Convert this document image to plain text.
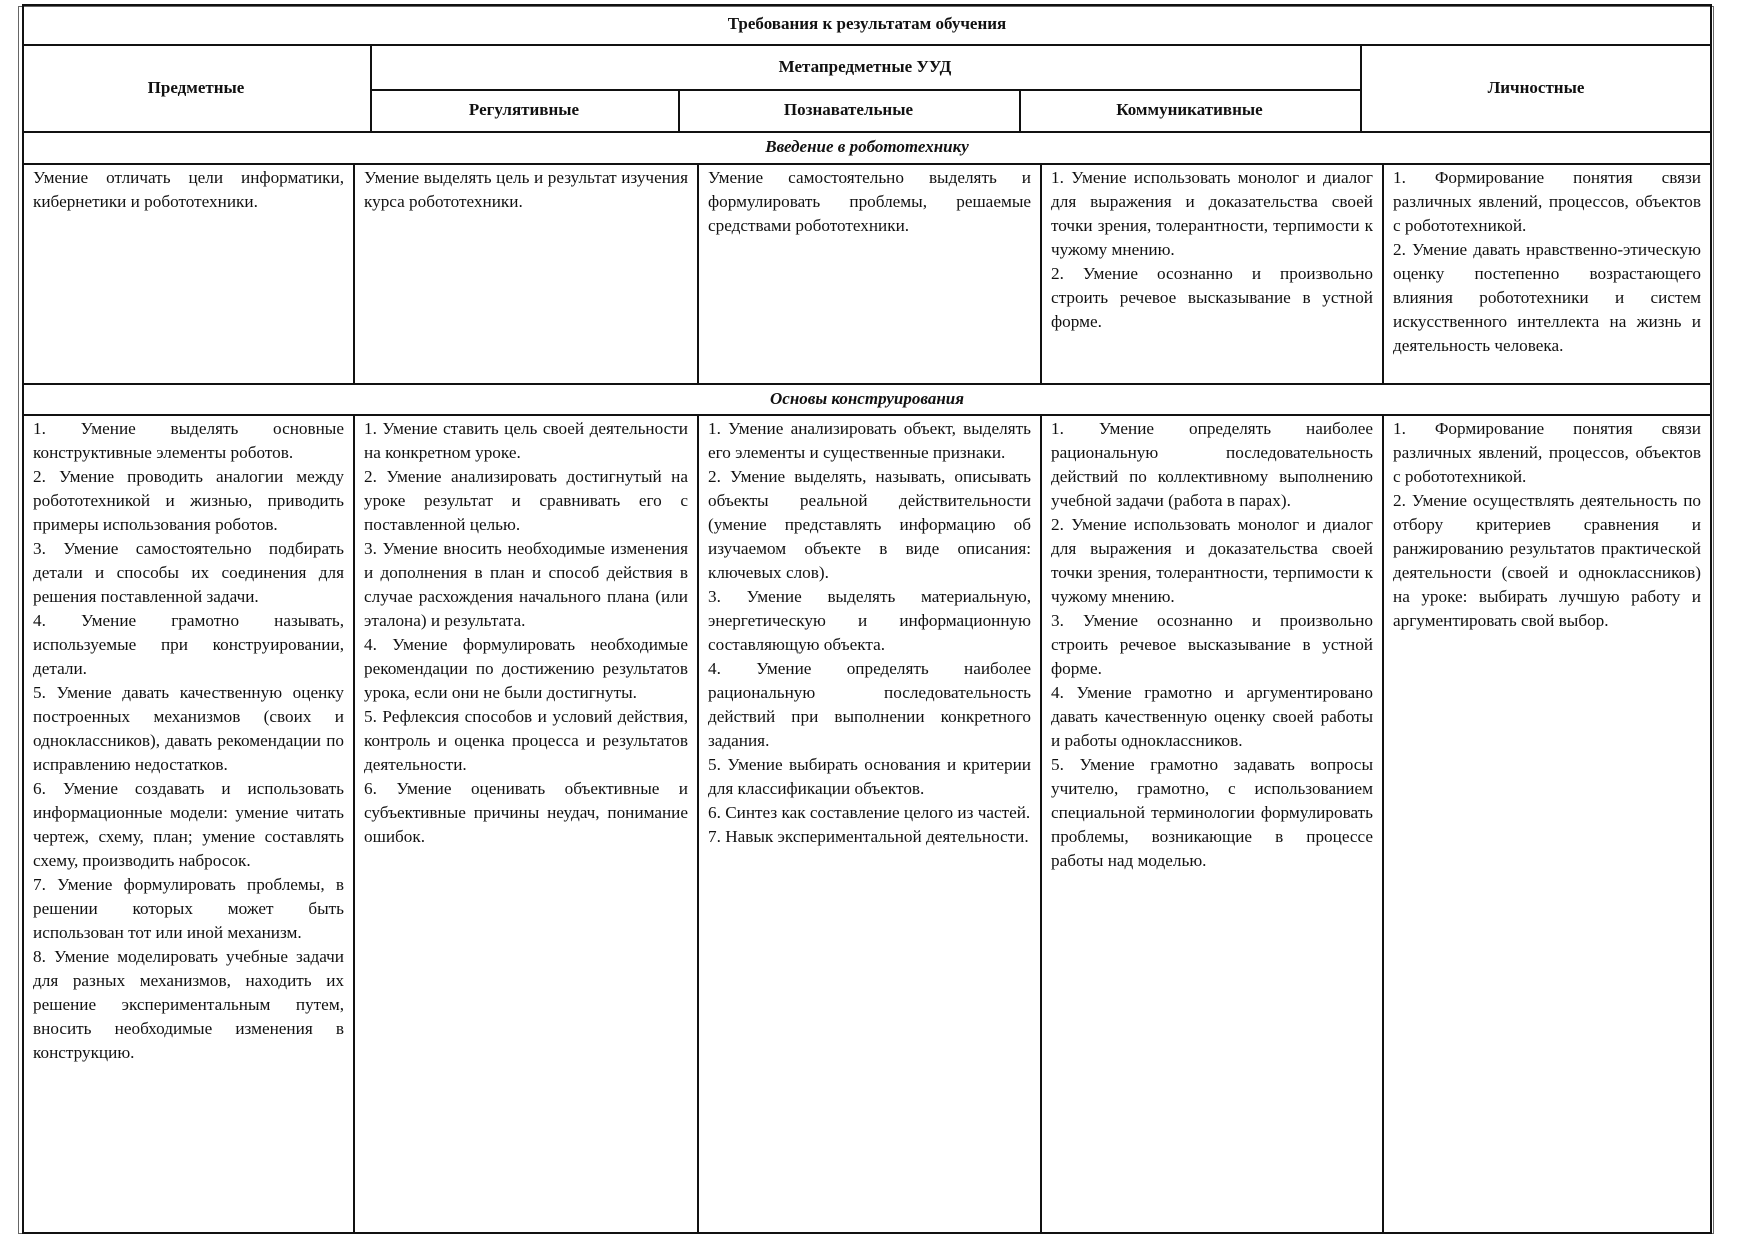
Требования к результатам обучения
Предметные
Метапредметные УУД
Регулятивные	Познавательные	Коммуникативные
Личностные
Введение в робототехнику
Основы конструирования

Умение отличать цели информатики, кибернетики и робототехники.

Умение выделять цель и результат изучения курса робототехники.

Умение самостоятельно выделять и формулировать проблемы, решаемые средствами робототехники.

1. Умение использовать монолог и диалог для выражения и доказательства своей точки зрения, толерантности, терпимости к чужому мнению.

2. Умение осознанно и произвольно строить речевое высказывание в устной форме.

1. Формирование понятия связи различных явлений, процессов, объектов с робототехникой.

2. Умение давать нравственно-этическую оценку постепенно возрастающего влияния робототехники и систем искусственного интеллекта на жизнь и деятельность человека.

1. Умение выделять основные конструктивные элементы роботов.

2. Умение проводить аналогии между робототехникой и жизнью, приводить примеры использования роботов.

3. Умение самостоятельно подбирать детали и способы их соединения для решения поставленной задачи.

4. Умение грамотно называть, используемые при конструировании, детали.

5. Умение давать качественную оценку построенных механизмов (своих и одноклассников), давать рекомендации по исправлению недостатков.

6. Умение создавать и использовать информационные модели: умение читать чертеж, схему, план; умение составлять схему, производить набросок.

7. Умение формулировать проблемы, в решении которых может быть использован тот или иной механизм.

8. Умение моделировать учебные задачи для разных механизмов, находить их решение экспериментальным путем, вносить необходимые изменения в конструкцию.

1. Умение ставить цель своей деятельности на конкретном уроке.

2. Умение анализировать достигнутый на уроке результат и сравнивать его с поставленной целью.

3. Умение вносить необходимые изменения и дополнения в план и способ действия в случае расхождения начального плана (или эталона) и результата.

4. Умение формулировать необходимые рекомендации по достижению результатов урока, если они не были достигнуты.

5. Рефлексия способов и условий действия, контроль и оценка процесса и результатов деятельности.

6. Умение оценивать объективные и субъективные причины неудач, понимание ошибок.

1. Умение анализировать объект, выделять его элементы и существенные признаки.

2. Умение выделять, называть, описывать объекты реальной действительности (умение представлять информацию об изучаемом объекте в виде описания: ключевых слов).

3. Умение выделять материальную, энергетическую и информационную составляющую объекта.

4. Умение определять наиболее рациональную последовательность действий при выполнении конкретного задания.

5. Умение выбирать основания и критерии для классификации объектов.

6. Синтез как составление целого из частей.

7. Навык экспериментальной деятельности.

1. Умение определять наиболее рациональную последовательность действий по коллективному выполнению учебной задачи (работа в парах).

2. Умение использовать монолог и диалог для выражения и доказательства своей точки зрения, толерантности, терпимости к чужому мнению.

3. Умение осознанно и произвольно строить речевое высказывание в устной форме.

4. Умение грамотно и аргументировано давать качественную оценку своей работы и работы одноклассников.

5. Умение грамотно задавать вопросы учителю, грамотно, с использованием специальной терминологии формулировать проблемы, возникающие в процессе работы над моделью.

1. Формирование понятия связи различных явлений, процессов, объектов с робототехникой.

2. Умение осуществлять деятельность по отбору критериев сравнения и ранжированию результатов практической деятельности (своей и одноклассников) на уроке: выбирать лучшую работу и аргументировать свой выбор.
